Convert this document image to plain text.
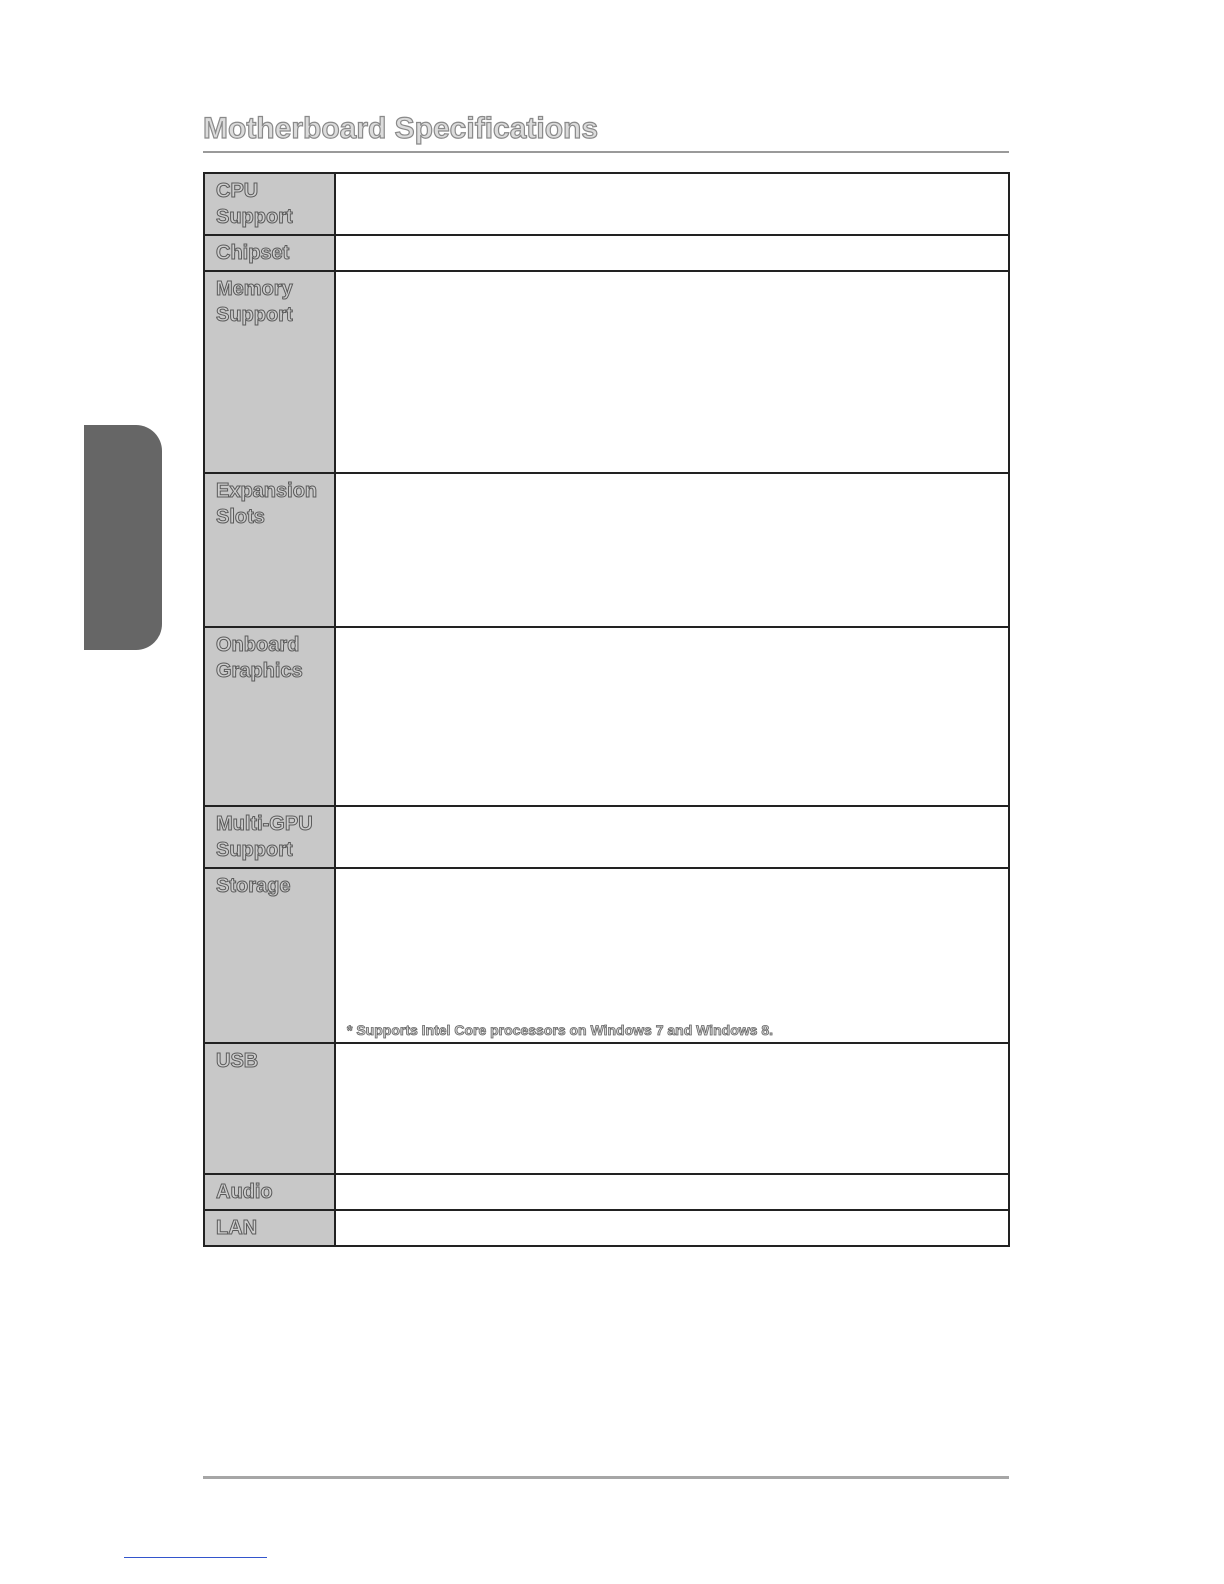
Motherboard Specifications
CPU
Support	

Chipset	

Memory
Support	

Expansion
Slots	

Onboard
Graphics	

Multi-GPU
Support	

Storage	* Supports Intel Core processors on Windows 7 and Windows 8.

USB	

Audio	

LAN	
